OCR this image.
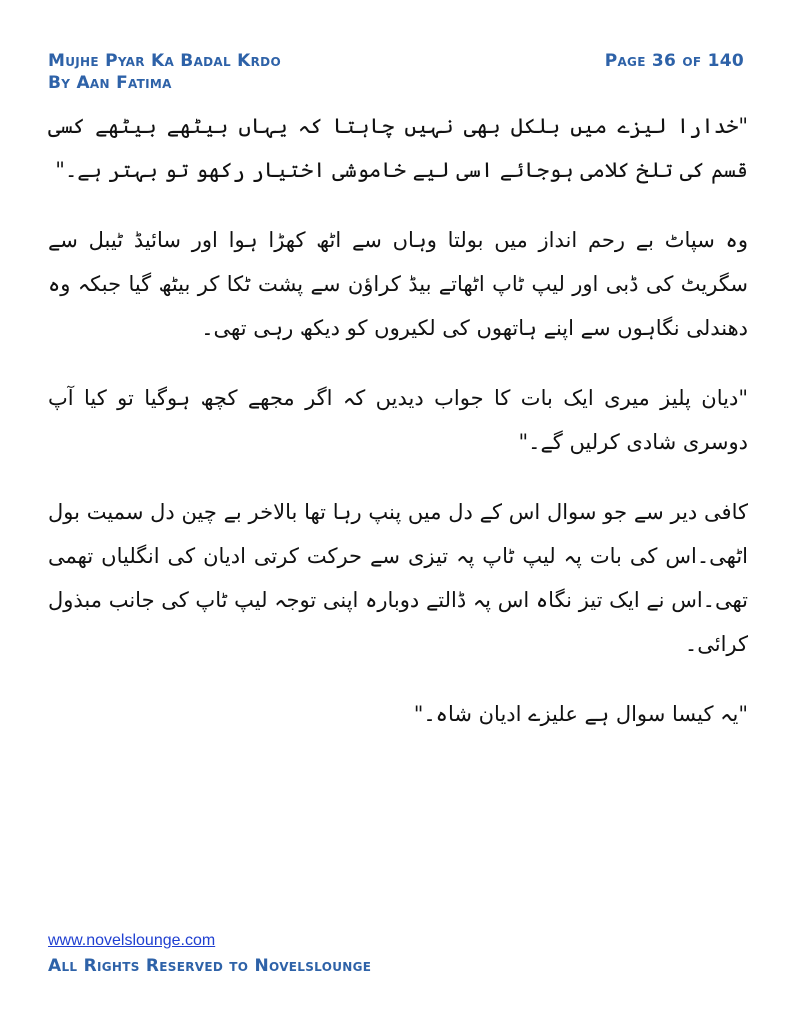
Mujhe Pyar Ka Badal Krdo
By Aan Fatima
Page 36 of 140

"خدارا لیزے میں بلکل بھی نہیں چاہتا کہ یہاں بیٹھے بیٹھے کسی قسم کی تلخ کلامی ہوجائے اسی لیے خاموشی اختیار رکھو تو بہتر ہے۔"

وہ سپاٹ بے رحم انداز میں بولتا وہاں سے اٹھ کھڑا ہوا اور سائیڈ ٹیبل سے سگریٹ کی ڈبی اور لیپ ٹاپ اٹھاتے بیڈ کراؤن سے پشت ٹکا کر بیٹھ گیا جبکہ وہ دھندلی نگاہوں سے اپنے ہاتھوں کی لکیروں کو دیکھ رہی تھی۔

"دیان پلیز میری ایک بات کا جواب دیدیں کہ اگر مجھے کچھ ہوگیا تو کیا آپ دوسری شادی کرلیں گے۔"

کافی دیر سے جو سوال اس کے دل میں پنپ رہا تھا بالاخر بے چین دل سمیت بول اٹھی۔اس کی بات پہ لیپ ٹاپ پہ تیزی سے حرکت کرتی ادیان کی انگلیاں تھمی تھی۔اس نے ایک تیز نگاہ اس پہ ڈالتے دوبارہ اپنی توجہ لیپ ٹاپ کی جانب مبذول کرائی۔

"یہ کیسا سوال ہے علیزے ادیان شاہ۔"

www.novelslounge.com
All Rights Reserved to Novelslounge
